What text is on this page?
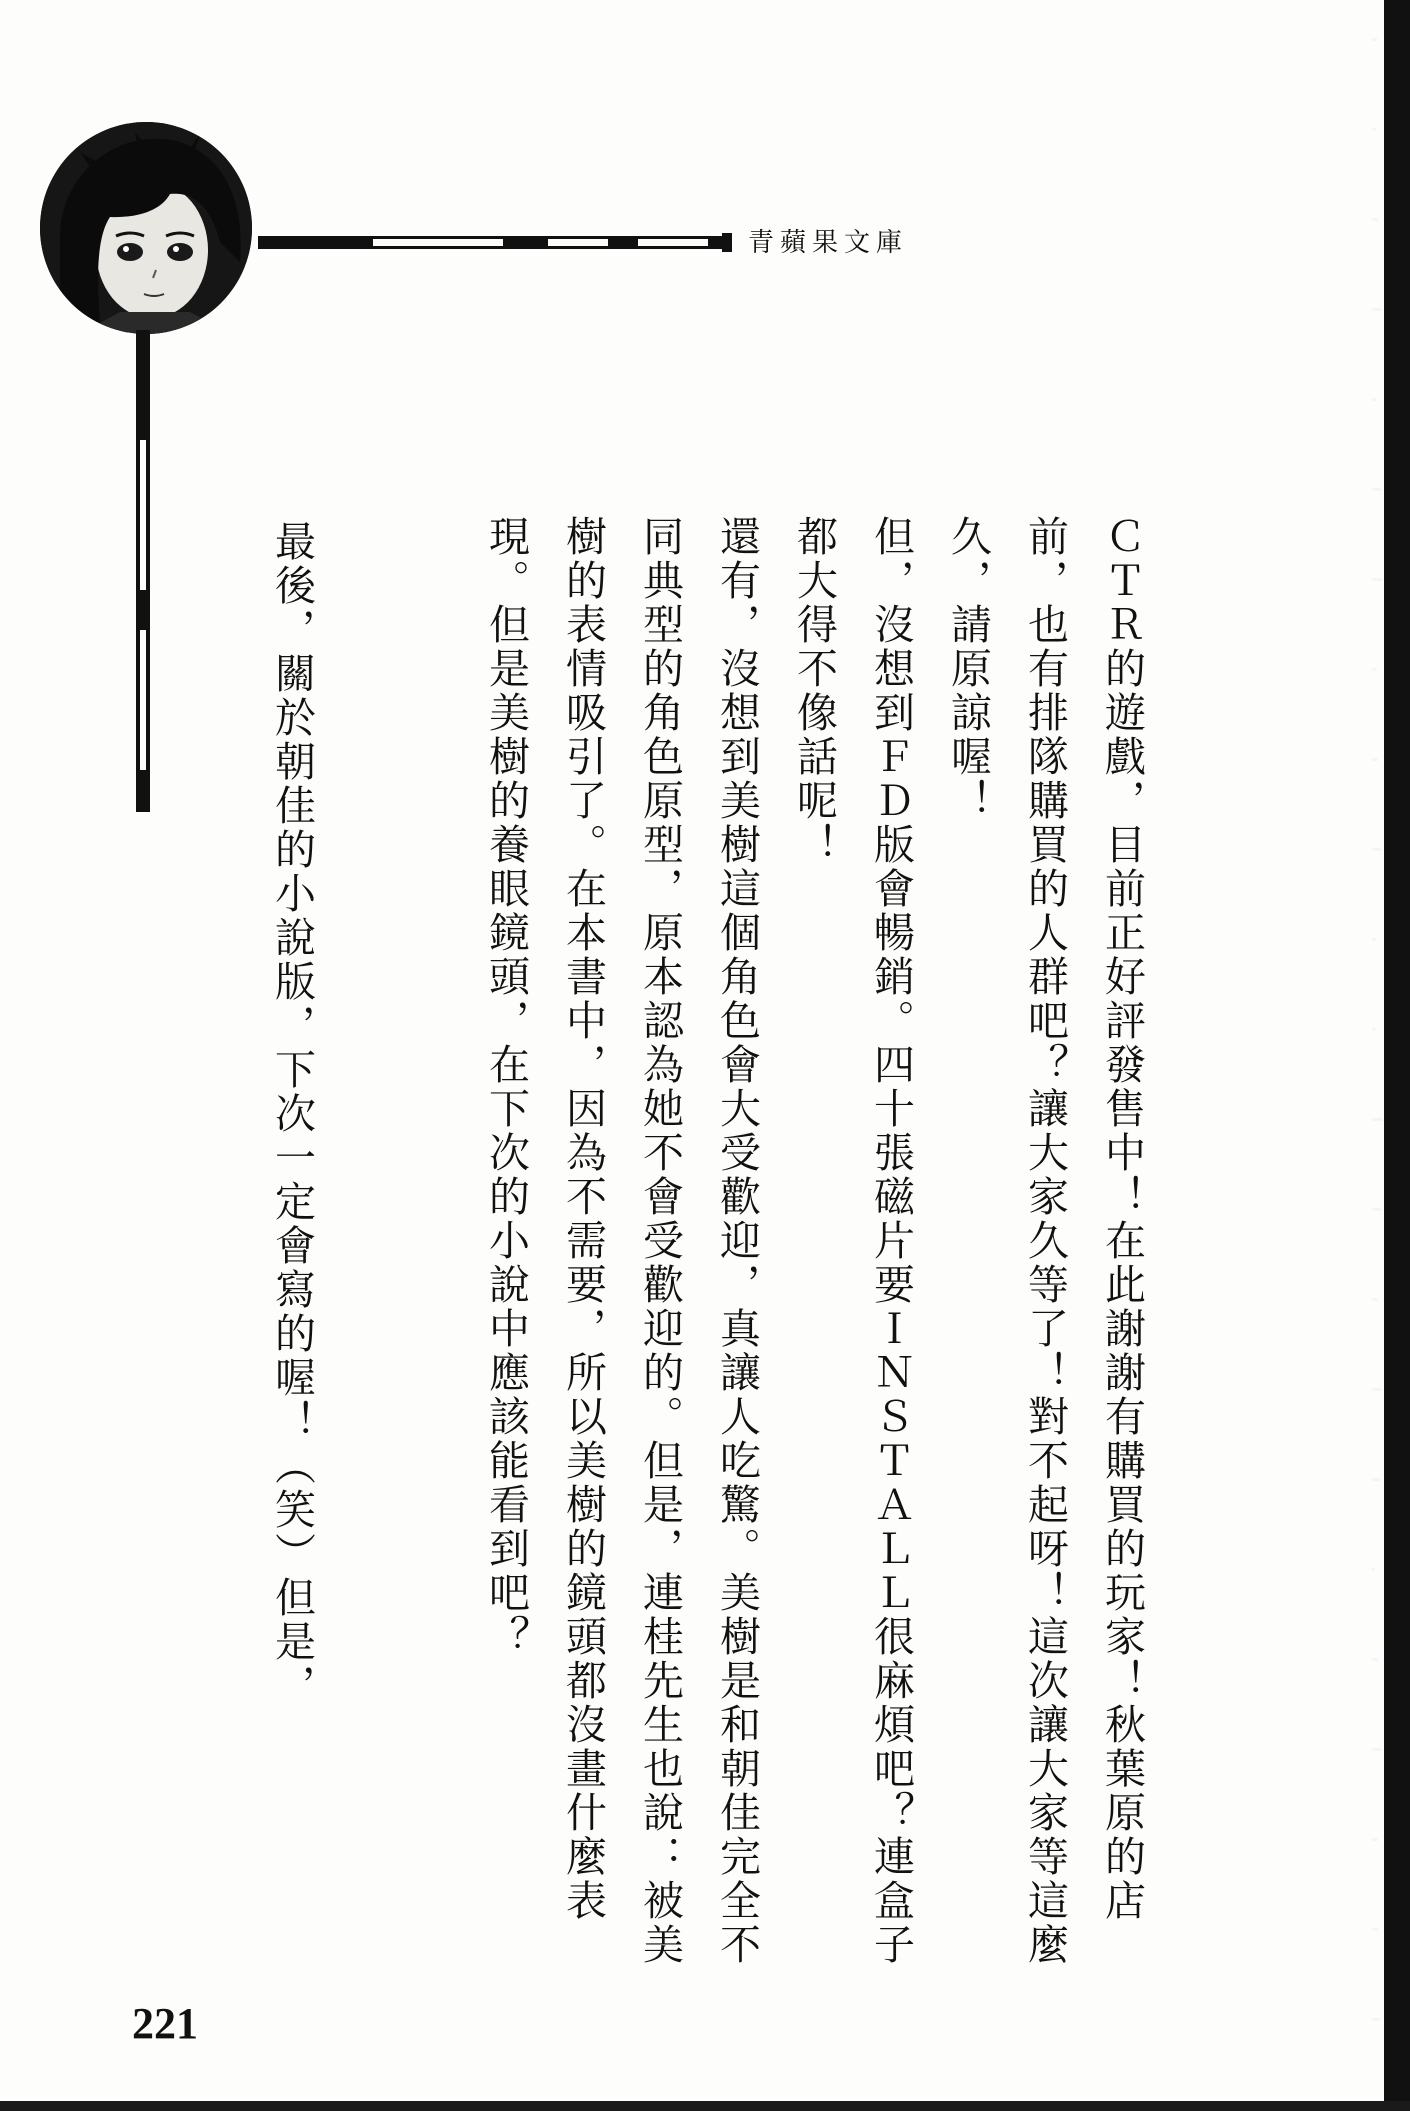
青蘋果文庫

ＣＴＲ的遊戲，目前正好評發售中！在此謝謝有購買的玩家！秋葉原的店前，也有排隊購買的人群吧？讓大家久等了！對不起呀！這次讓大家等這麼久，請原諒喔！

但，沒想到ＦＤ版會暢銷。四十張磁片要ＩＮＳＴＡＬＬ很麻煩吧？連盒子都大得不像話呢！

還有，沒想到美樹這個角色會大受歡迎，真讓人吃驚。美樹是和朝佳完全不同典型的角色原型，原本認為她不會受歡迎的。但是，連桂先生也說：被美樹的表情吸引了。在本書中，因為不需要，所以美樹的鏡頭都沒畫什麼表現。但是美樹的養眼鏡頭，在下次的小說中應該能看到吧？

最後，關於朝佳的小說版，下次一定會寫的喔！（笑）但是，

221
